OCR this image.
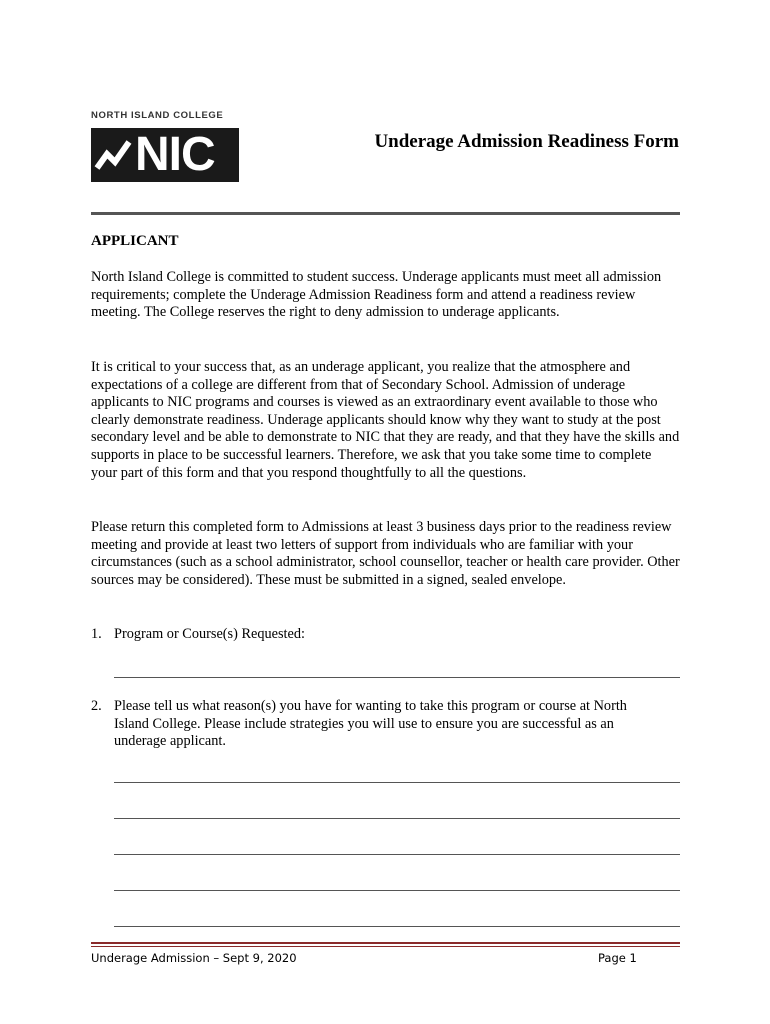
NORTH ISLAND COLLEGE
NIC	Underage Admission Readiness Form
APPLICANT

North Island College is committed to student success. Underage applicants must meet all admission requirements; complete the Underage Admission Readiness form and attend a readiness review meeting. The College reserves the right to deny admission to underage applicants.

It is critical to your success that, as an underage applicant, you realize that the atmosphere and expectations of a college are different from that of Secondary School. Admission of underage applicants to NIC programs and courses is viewed as an extraordinary event available to those who clearly demonstrate readiness. Underage applicants should know why they want to study at the post secondary level and be able to demonstrate to NIC that they are ready, and that they have the skills and supports in place to be successful learners. Therefore, we ask that you take some time to complete your part of this form and that you respond thoughtfully to all the questions.

Please return this completed form to Admissions at least 3 business days prior to the readiness review meeting and provide at least two letters of support from individuals who are familiar with your circumstances (such as a school administrator, school counsellor, teacher or health care provider. Other sources may be considered). These must be submitted in a signed, sealed envelope.

1. Program or Course(s) Requested:
2. Please tell us what reason(s) you have for wanting to take this program or course at North Island College. Please include strategies you will use to ensure you are successful as an underage applicant.
Underage Admission – Sept 9, 2020	Page 1
